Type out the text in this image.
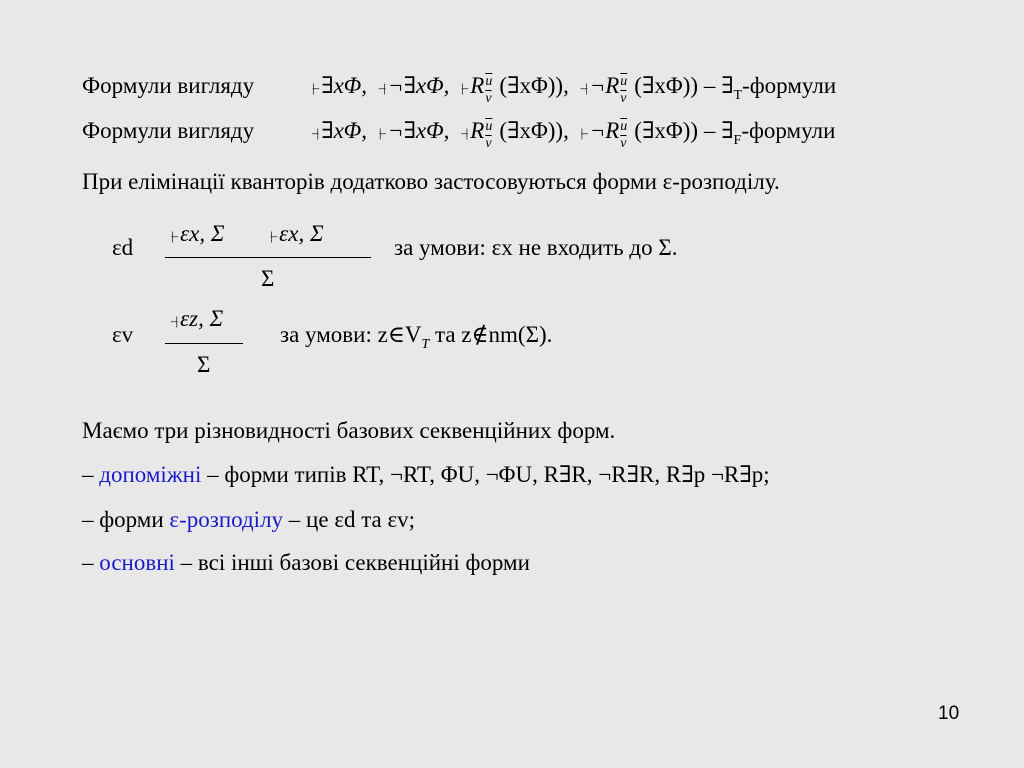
Формули вигляду	|– ∃xΦ, –| ¬∃xΦ, |– R $\overline{u}$
$\overline{v}$
(∃xΦ)), –| ¬R $\overline{u}$
$\overline{v}$
(∃xΦ)) – $\exists_T$-формули
Формули вигляду	–| ∃xΦ, |– ¬∃xΦ, –| R $\overline{u}$
$\overline{v}$
(∃xΦ)), |– ¬R $\overline{u}$
$\overline{v}$
(∃xΦ)) – $\exists_F$-формули
При елімінації кванторів додатково застосовуються форми ε-розподілу.
εd	|– εx, Σ	|– εx, Σ
Σ
за умови: εx не входить до Σ.
εv
–| εz, Σ
Σ
за умови: $z\in V_T$ та z∉nm(Σ).
Маємо три різновидності базових секвенційних форм.
– допоміжні – форми типів RT, ¬RT, ΦU, ¬ΦU, R∃R, ¬R∃R, R∃p ¬R∃p;
– форми ε-розподілу – це εd та εv;
– основні – всі інші базові секвенційні форми
10
